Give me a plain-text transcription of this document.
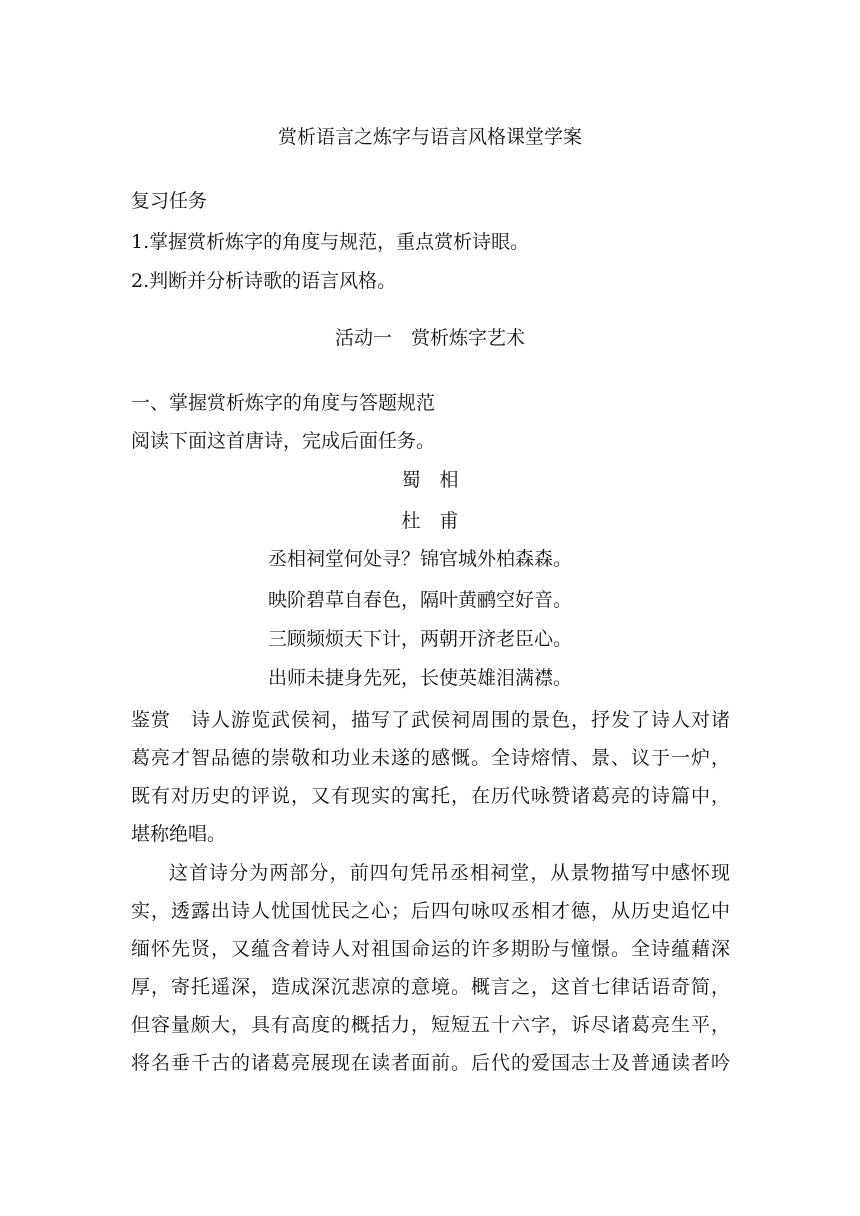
赏析语言之炼字与语言风格课堂学案
复习任务
1.掌握赏析炼字的角度与规范，重点赏析诗眼。
2.判断并分析诗歌的语言风格。
活动一　赏析炼字艺术
一、掌握赏析炼字的角度与答题规范
阅读下面这首唐诗，完成后面任务。
蜀　相
杜　甫
丞相祠堂何处寻？锦官城外柏森森。
映阶碧草自春色，隔叶黄鹂空好音。
三顾频烦天下计，两朝开济老臣心。
出师未捷身先死，长使英雄泪满襟。
鉴赏　诗人游览武侯祠，描写了武侯祠周围的景色，抒发了诗人对诸
葛亮才智品德的崇敬和功业未遂的感慨。全诗熔情、景、议于一炉，
既有对历史的评说，又有现实的寓托，在历代咏赞诸葛亮的诗篇中，
堪称绝唱。
这首诗分为两部分，前四句凭吊丞相祠堂，从景物描写中感怀现
实，透露出诗人忧国忧民之心；后四句咏叹丞相才德，从历史追忆中
缅怀先贤，又蕴含着诗人对祖国命运的许多期盼与憧憬。全诗蕴藉深
厚，寄托遥深，造成深沉悲凉的意境。概言之，这首七律话语奇简，
但容量颇大，具有高度的概括力，短短五十六字，诉尽诸葛亮生平，
将名垂千古的诸葛亮展现在读者面前。后代的爱国志士及普通读者吟
